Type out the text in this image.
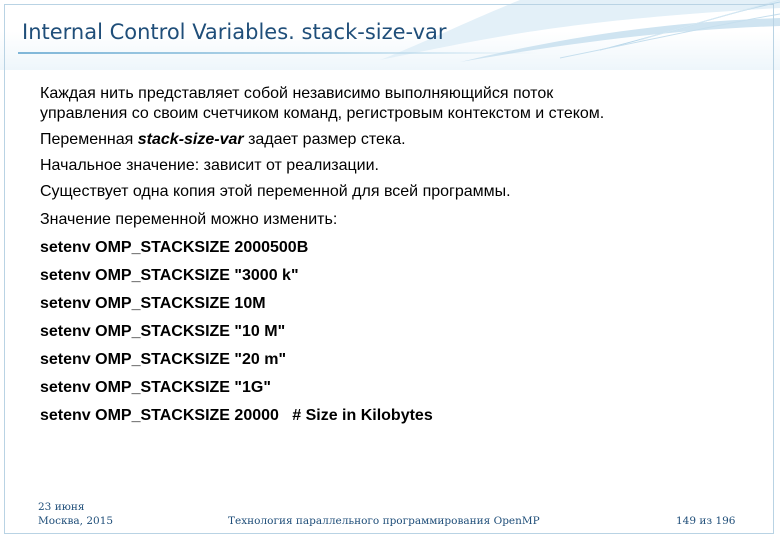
Internal Control Variables. stack-size-var

Каждая нить представляет собой независимо выполняющийся поток

управления со своим счетчиком команд, регистровым контекстом и стеком.

Переменная stack-size-var задает размер стека.

Начальное значение: зависит от реализации.

Существует одна копия этой переменной для всей программы.

Значение переменной можно изменить:

setenv OMP_STACKSIZE 2000500B

setenv OMP_STACKSIZE "3000 k"

setenv OMP_STACKSIZE 10M

setenv OMP_STACKSIZE "10 M"

setenv OMP_STACKSIZE "20 m"

setenv OMP_STACKSIZE "1G"

setenv OMP_STACKSIZE 20000   # Size in Kilobytes

23 июня
Москва, 2015	Технология параллельного программирования OpenMP	149 из 196
